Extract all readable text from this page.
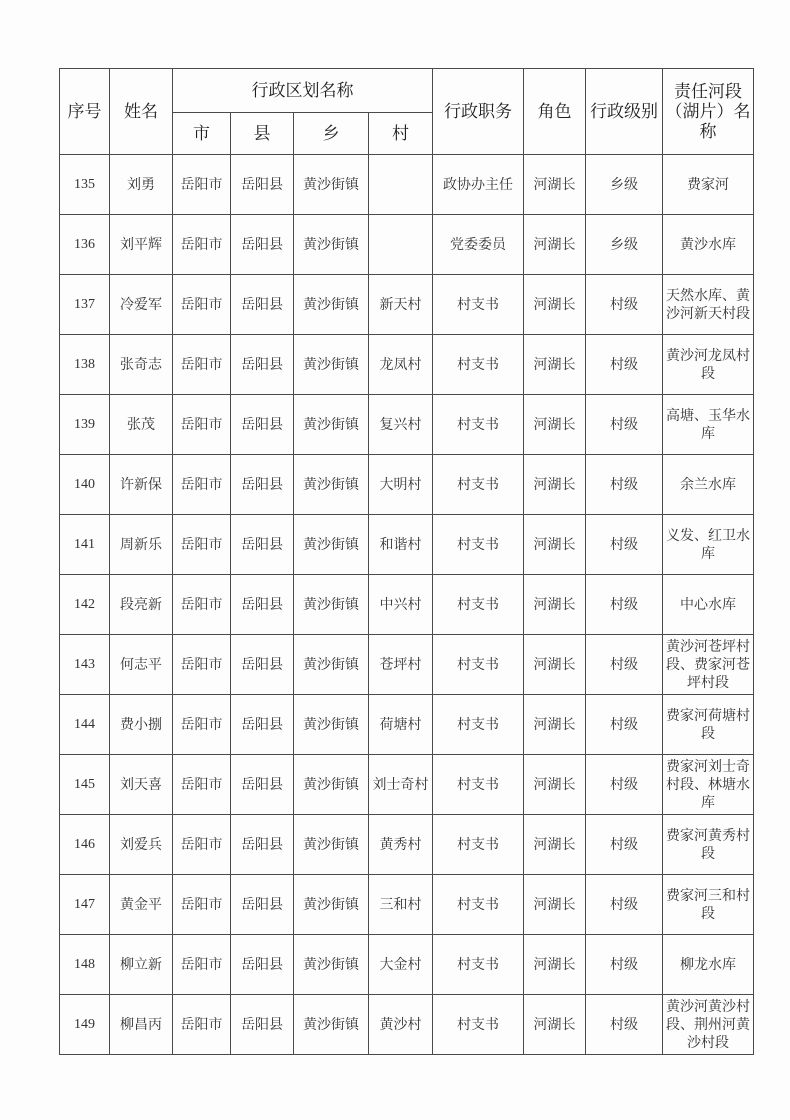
序号	姓名	行政区划名称				行政职务	角色	行政级别	责任河段（湖片）名称
		市	县	乡	村				
135	刘勇	岳阳市	岳阳县	黄沙街镇		政协办主任	河湖长	乡级	费家河
136	刘平辉	岳阳市	岳阳县	黄沙街镇		党委委员	河湖长	乡级	黄沙水库
137	冷爱军	岳阳市	岳阳县	黄沙街镇	新天村	村支书	河湖长	村级	天然水库、黄沙河新天村段
138	张奇志	岳阳市	岳阳县	黄沙街镇	龙凤村	村支书	河湖长	村级	黄沙河龙凤村段
139	张茂	岳阳市	岳阳县	黄沙街镇	复兴村	村支书	河湖长	村级	高塘、玉华水库
140	许新保	岳阳市	岳阳县	黄沙街镇	大明村	村支书	河湖长	村级	余兰水库
141	周新乐	岳阳市	岳阳县	黄沙街镇	和谐村	村支书	河湖长	村级	义发、红卫水库
142	段亮新	岳阳市	岳阳县	黄沙街镇	中兴村	村支书	河湖长	村级	中心水库
143	何志平	岳阳市	岳阳县	黄沙街镇	苍坪村	村支书	河湖长	村级	黄沙河苍坪村段、费家河苍坪村段
144	费小捌	岳阳市	岳阳县	黄沙街镇	荷塘村	村支书	河湖长	村级	费家河荷塘村段
145	刘天喜	岳阳市	岳阳县	黄沙街镇	刘士奇村	村支书	河湖长	村级	费家河刘士奇村段、林塘水库
146	刘爱兵	岳阳市	岳阳县	黄沙街镇	黄秀村	村支书	河湖长	村级	费家河黄秀村段
147	黄金平	岳阳市	岳阳县	黄沙街镇	三和村	村支书	河湖长	村级	费家河三和村段
148	柳立新	岳阳市	岳阳县	黄沙街镇	大金村	村支书	河湖长	村级	柳龙水库
149	柳昌丙	岳阳市	岳阳县	黄沙街镇	黄沙村	村支书	河湖长	村级	黄沙河黄沙村段、荆州河黄沙村段
